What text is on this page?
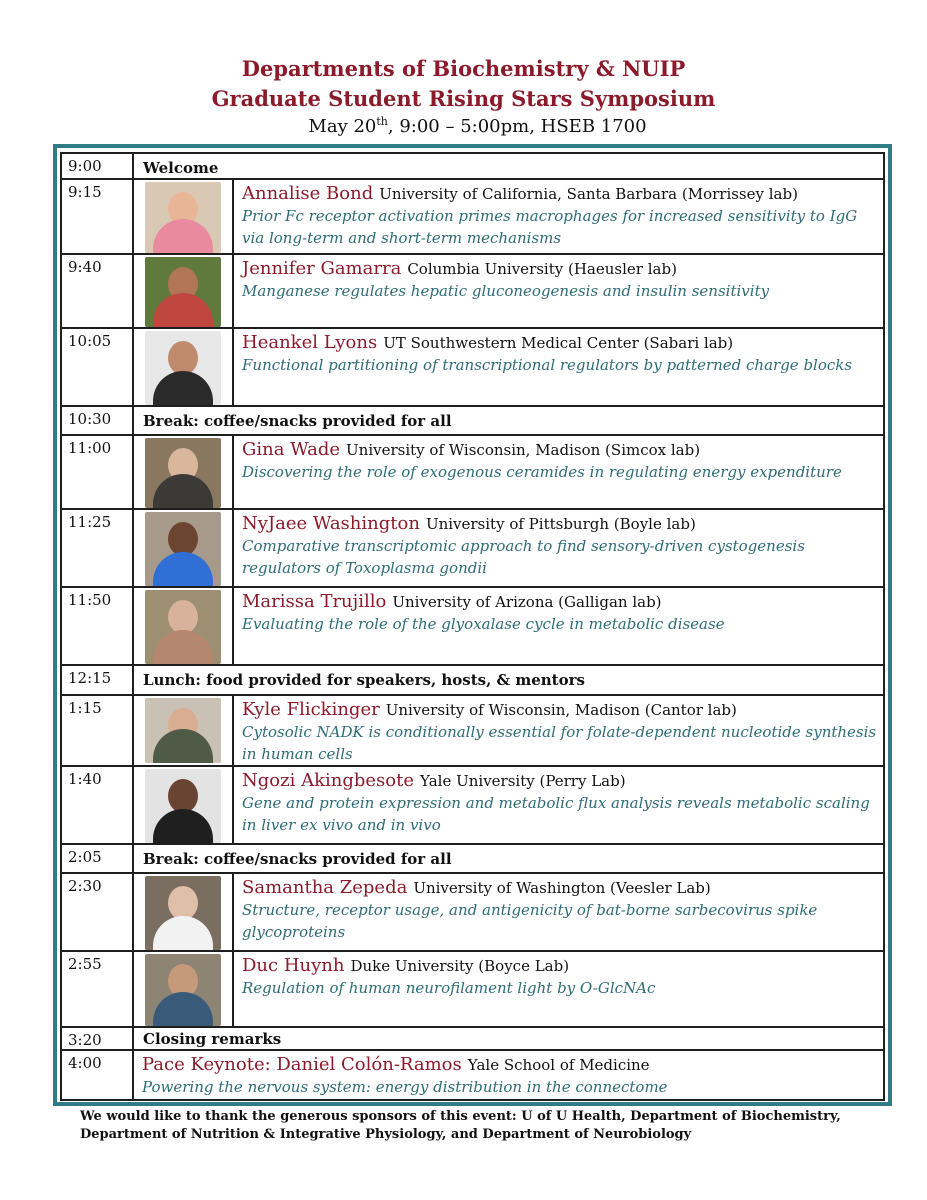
Departments of Biochemistry & NUIP
Graduate Student Rising Stars Symposium
May 20th, 9:00 – 5:00pm, HSEB 1700
9:00	Welcome	
9:15		Annalise Bond University of California, Santa Barbara (Morrissey lab)
Prior Fc receptor activation primes macrophages for increased sensitivity to IgG via long-term and short-term mechanisms

9:40		Jennifer Gamarra Columbia University (Haeusler lab)
Manganese regulates hepatic gluconeogenesis and insulin sensitivity

10:05		Heankel Lyons UT Southwestern Medical Center (Sabari lab)
Functional partitioning of transcriptional regulators by patterned charge blocks

10:30	Break: coffee/snacks provided for all	
11:00		Gina Wade University of Wisconsin, Madison (Simcox lab)
Discovering the role of exogenous ceramides in regulating energy expenditure

11:25		NyJaee Washington University of Pittsburgh (Boyle lab)
Comparative transcriptomic approach to find sensory-driven cystogenesis regulators of Toxoplasma gondii

11:50		Marissa Trujillo University of Arizona (Galligan lab)
Evaluating the role of the glyoxalase cycle in metabolic disease

12:15	Lunch: food provided for speakers, hosts, & mentors	
1:15		Kyle Flickinger University of Wisconsin, Madison (Cantor lab)
Cytosolic NADK is conditionally essential for folate-dependent nucleotide synthesis in human cells

1:40		Ngozi Akingbesote Yale University (Perry Lab)
Gene and protein expression and metabolic flux analysis reveals metabolic scaling in liver ex vivo and in vivo

2:05	Break: coffee/snacks provided for all	
2:30		Samantha Zepeda University of Washington (Veesler Lab)
Structure, receptor usage, and antigenicity of bat-borne sarbecovirus spike glycoproteins

2:55		Duc Huynh Duke University (Boyce Lab)
Regulation of human neurofilament light by O-GlcNAc

3:20	Closing remarks	
4:00	Pace Keynote: Daniel Colón-Ramos Yale School of Medicine
Powering the nervous system: energy distribution in the connectome	
We would like to thank the generous sponsors of this event: U of U Health, Department of Biochemistry, Department of Nutrition & Integrative Physiology, and Department of Neurobiology
